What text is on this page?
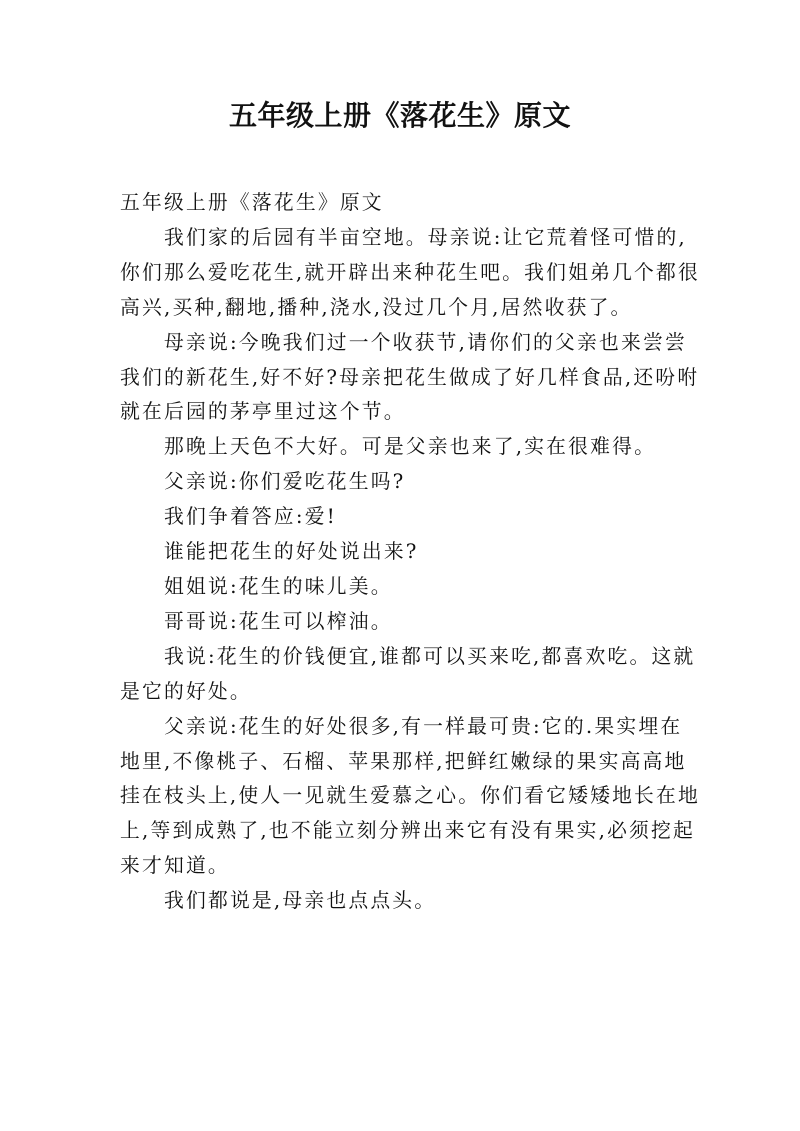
五年级上册《落花生》原文

五年级上册《落花生》原文

我们家的后园有半亩空地。母亲说:让它荒着怪可惜的,你们那么爱吃花生,就开辟出来种花生吧。我们姐弟几个都很高兴,买种,翻地,播种,浇水,没过几个月,居然收获了。

母亲说:今晚我们过一个收获节,请你们的父亲也来尝尝我们的新花生,好不好?母亲把花生做成了好几样食品,还吩咐就在后园的茅亭里过这个节。

那晚上天色不大好。可是父亲也来了,实在很难得。

父亲说:你们爱吃花生吗?

我们争着答应:爱!

谁能把花生的好处说出来?

姐姐说:花生的味儿美。

哥哥说:花生可以榨油。

我说:花生的价钱便宜,谁都可以买来吃,都喜欢吃。这就是它的好处。

父亲说:花生的好处很多,有一样最可贵:它的.果实埋在地里,不像桃子、石榴、苹果那样,把鲜红嫩绿的果实高高地挂在枝头上,使人一见就生爱慕之心。你们看它矮矮地长在地上,等到成熟了,也不能立刻分辨出来它有没有果实,必须挖起来才知道。

我们都说是,母亲也点点头。
